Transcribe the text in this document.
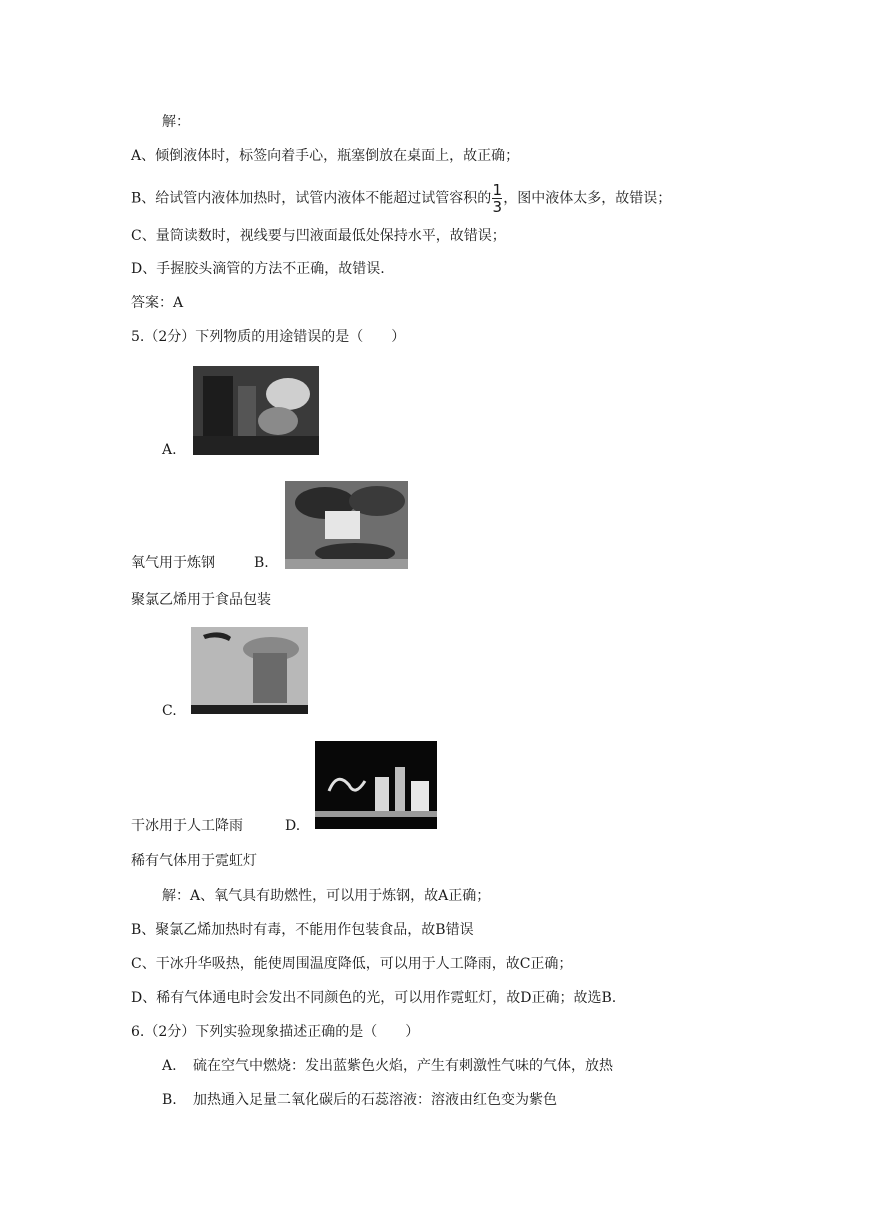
解：
A、倾倒液体时，标签向着手心，瓶塞倒放在桌面上，故正确；
B、给试管内液体加热时，试管内液体不能超过试管容积的 $\frac{1}{3}$ ，图中液体太多，故错误；
C、量筒读数时，视线要与凹液面最低处保持水平，故错误；
D、手握胶头滴管的方法不正确，故错误.
答案：A
5.（2分）下列物质的用途错误的是（　　）
A.
氧气用于炼钢	B.
聚氯乙烯用于食品包装
C.
干冰用于人工降雨	D.
稀有气体用于霓虹灯
解：A、氧气具有助燃性，可以用于炼钢，故A正确；
B、聚氯乙烯加热时有毒，不能用作包装食品，故B错误
C、干冰升华吸热，能使周围温度降低，可以用于人工降雨，故C正确；
D、稀有气体通电时会发出不同颜色的光，可以用作霓虹灯，故D正确；故选B.
6.（2分）下列实验现象描述正确的是（　　）
A. 硫在空气中燃烧：发出蓝紫色火焰，产生有刺激性气味的气体，放热
B. 加热通入足量二氧化碳后的石蕊溶液：溶液由红色变为紫色
